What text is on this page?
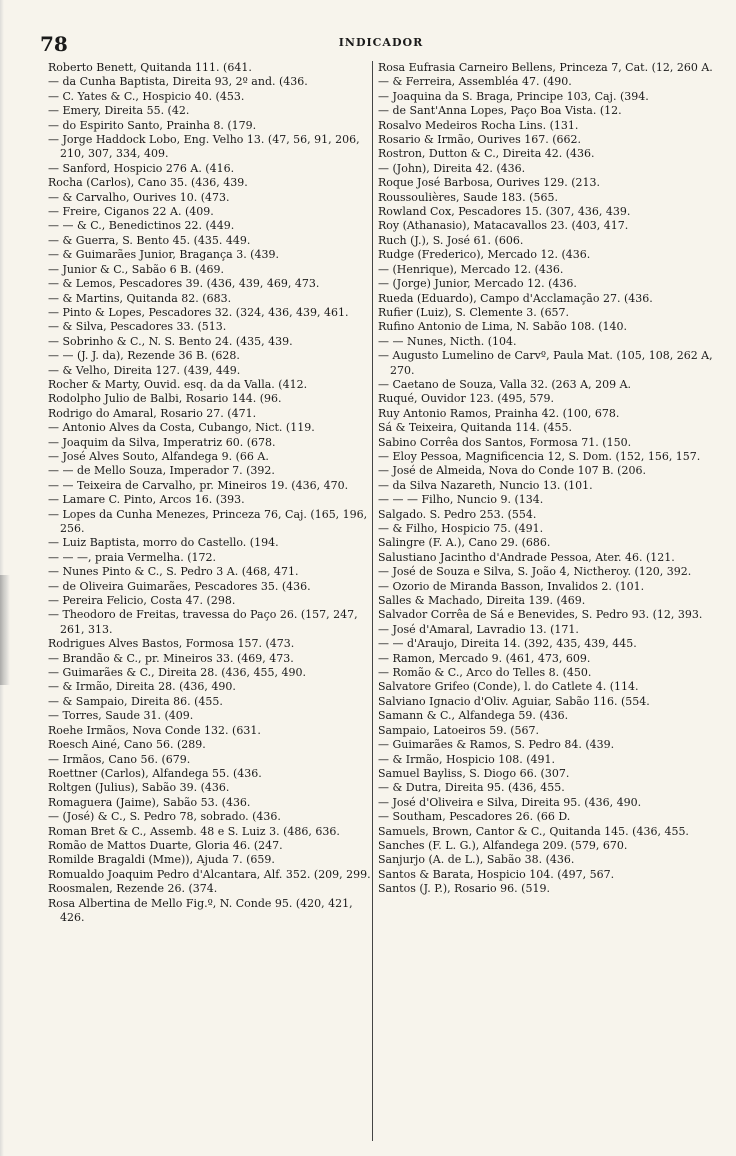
78	INDICADOR

Roberto Benett, Quitanda 111. (641.

— da Cunha Baptista, Direita 93, 2º and. (436.

— C. Yates & C., Hospicio 40. (453.

— Emery, Direita 55. (42.

— do Espirito Santo, Prainha 8. (179.

— Jorge Haddock Lobo, Eng. Velho 13. (47, 56, 91, 206, 210, 307, 334, 409.

— Sanford, Hospicio 276 A. (416.

Rocha (Carlos), Cano 35. (436, 439.

— & Carvalho, Ourives 10. (473.

— Freire, Ciganos 22 A. (409.

— — & C., Benedictinos 22. (449.

— & Guerra, S. Bento 45. (435. 449.

— & Guimarães Junior, Bragança 3. (439.

— Junior & C., Sabão 6 B. (469.

— & Lemos, Pescadores 39. (436, 439, 469, 473.

— & Martins, Quitanda 82. (683.

— Pinto & Lopes, Pescadores 32. (324, 436, 439, 461.

— & Silva, Pescadores 33. (513.

— Sobrinho & C., N. S. Bento 24. (435, 439.

— — (J. J. da), Rezende 36 B. (628.

— & Velho, Direita 127. (439, 449.

Rocher & Marty, Ouvid. esq. da da Valla. (412.

Rodolpho Julio de Balbi, Rosario 144. (96.

Rodrigo do Amaral, Rosario 27. (471.

— Antonio Alves da Costa, Cubango, Nict. (119.

— Joaquim da Silva, Imperatriz 60. (678.

— José Alves Souto, Alfandega 9. (66 A.

— — de Mello Souza, Imperador 7. (392.

— — Teixeira de Carvalho, pr. Mineiros 19. (436, 470.

— Lamare C. Pinto, Arcos 16. (393.

— Lopes da Cunha Menezes, Princeza 76, Caj. (165, 196, 256.

— Luiz Baptista, morro do Castello. (194.

— — —, praia Vermelha. (172.

— Nunes Pinto & C., S. Pedro 3 A. (468, 471.

— de Oliveira Guimarães, Pescadores 35. (436.

— Pereira Felicio, Costa 47. (298.

— Theodoro de Freitas, travessa do Paço 26. (157, 247, 261, 313.

Rodrigues Alves Bastos, Formosa 157. (473.

— Brandão & C., pr. Mineiros 33. (469, 473.

— Guimarães & C., Direita 28. (436, 455, 490.

— & Irmão, Direita 28. (436, 490.

— & Sampaio, Direita 86. (455.

— Torres, Saude 31. (409.

Roehe Irmãos, Nova Conde 132. (631.

Roesch Ainé, Cano 56. (289.

— Irmãos, Cano 56. (679.

Roettner (Carlos), Alfandega 55. (436.

Roltgen (Julius), Sabão 39. (436.

Romaguera (Jaime), Sabão 53. (436.

— (José) & C., S. Pedro 78, sobrado. (436.

Roman Bret & C., Assemb. 48 e S. Luiz 3. (486, 636.

Romão de Mattos Duarte, Gloria 46. (247.

Romilde Bragaldi (Mme)), Ajuda 7. (659.

Romualdo Joaquim Pedro d'Alcantara, Alf. 352. (209, 299.

Roosmalen, Rezende 26. (374.

Rosa Albertina de Mello Fig.º, N. Conde 95. (420, 421, 426.

Rosa Eufrasia Carneiro Bellens, Princeza 7, Cat. (12, 260 A.

— & Ferreira, Assembléa 47. (490.

— Joaquina da S. Braga, Principe 103, Caj. (394.

— de Sant'Anna Lopes, Paço Boa Vista. (12.

Rosalvo Medeiros Rocha Lins. (131.

Rosario & Irmão, Ourives 167. (662.

Rostron, Dutton & C., Direita 42. (436.

— (John), Direita 42. (436.

Roque José Barbosa, Ourives 129. (213.

Roussoulières, Saude 183. (565.

Rowland Cox, Pescadores 15. (307, 436, 439.

Roy (Athanasio), Matacavallos 23. (403, 417.

Ruch (J.), S. José 61. (606.

Rudge (Frederico), Mercado 12. (436.

— (Henrique), Mercado 12. (436.

— (Jorge) Junior, Mercado 12. (436.

Rueda (Eduardo), Campo d'Acclamação 27. (436.

Rufier (Luiz), S. Clemente 3. (657.

Rufino Antonio de Lima, N. Sabão 108. (140.

— — Nunes, Nicth. (104.

— Augusto Lumelino de Carvº, Paula Mat. (105, 108, 262 A, 270.

— Caetano de Souza, Valla 32. (263 A, 209 A.

Ruqué, Ouvidor 123. (495, 579.

Ruy Antonio Ramos, Prainha 42. (100, 678.

Sá & Teixeira, Quitanda 114. (455.

Sabino Corrêa dos Santos, Formosa 71. (150.

— Eloy Pessoa, Magnificencia 12, S. Dom. (152, 156, 157.

— José de Almeida, Nova do Conde 107 B. (206.

— da Silva Nazareth, Nuncio 13. (101.

— — — Filho, Nuncio 9. (134.

Salgado. S. Pedro 253. (554.

— & Filho, Hospicio 75. (491.

Salingre (F. A.), Cano 29. (686.

Salustiano Jacintho d'Andrade Pessoa, Ater. 46. (121.

— José de Souza e Silva, S. João 4, Nictheroy. (120, 392.

— Ozorio de Miranda Basson, Invalidos 2. (101.

Salles & Machado, Direita 139. (469.

Salvador Corrêa de Sá e Benevides, S. Pedro 93. (12, 393.

— José d'Amaral, Lavradio 13. (171.

— — d'Araujo, Direita 14. (392, 435, 439, 445.

— Ramon, Mercado 9. (461, 473, 609.

— Romão & C., Arco do Telles 8. (450.

Salvatore Grifeo (Conde), l. do Catlete 4. (114.

Salviano Ignacio d'Oliv. Aguiar, Sabão 116. (554.

Samann & C., Alfandega 59. (436.

Sampaio, Latoeiros 59. (567.

— Guimarães & Ramos, S. Pedro 84. (439.

— & Irmão, Hospicio 108. (491.

Samuel Bayliss, S. Diogo 66. (307.

— & Dutra, Direita 95. (436, 455.

— José d'Oliveira e Silva, Direita 95. (436, 490.

— Southam, Pescadores 26. (66 D.

Samuels, Brown, Cantor & C., Quitanda 145. (436, 455.

Sanches (F. L. G.), Alfandega 209. (579, 670.

Sanjurjo (A. de L.), Sabão 38. (436.

Santos & Barata, Hospicio 104. (497, 567.

Santos (J. P.), Rosario 96. (519.
